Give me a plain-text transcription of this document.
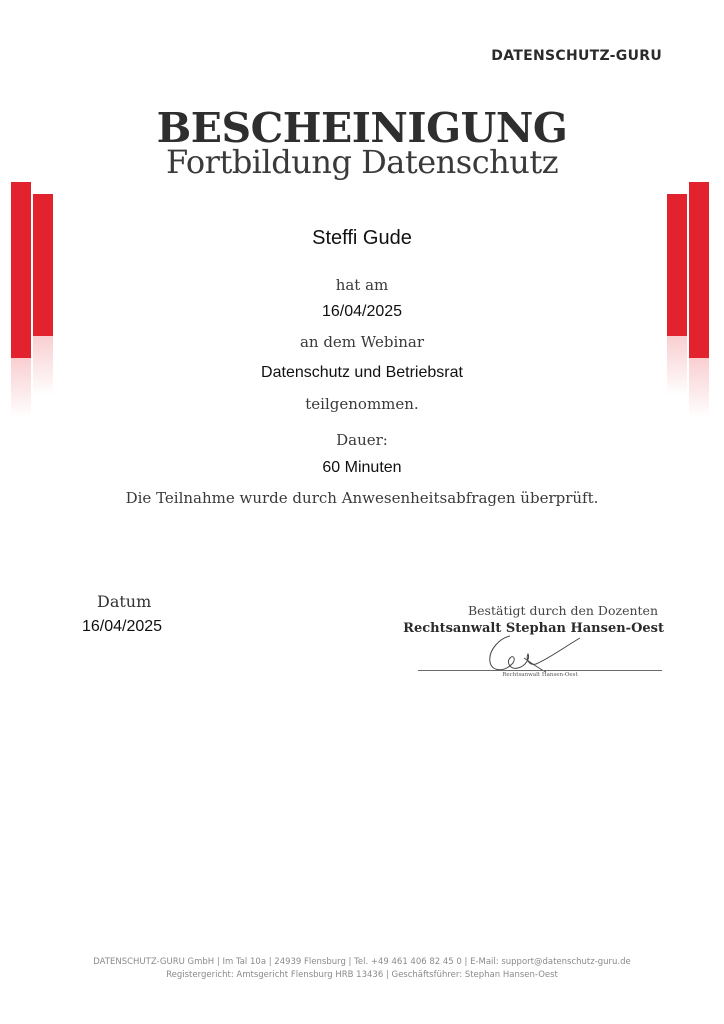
DATENSCHUTZ-GURU
BESCHEINIGUNG
Fortbildung Datenschutz
Steffi Gude
hat am
16/04/2025
an dem Webinar
Datenschutz und Betriebsrat
teilgenommen.
Dauer:
60 Minuten
Die Teilnahme wurde durch Anwesenheitsabfragen überprüft.
Datum
16/04/2025
Bestätigt durch den Dozenten
Rechtsanwalt Stephan Hansen-Oest
Rechtsanwalt Hansen-Oest
DATENSCHUTZ-GURU GmbH | Im Tal 10a | 24939 Flensburg | Tel. +49 461 406 82 45 0 | E-Mail: support@datenschutz-guru.de
Registergericht: Amtsgericht Flensburg HRB 13436 | Geschäftsführer: Stephan Hansen-Oest
